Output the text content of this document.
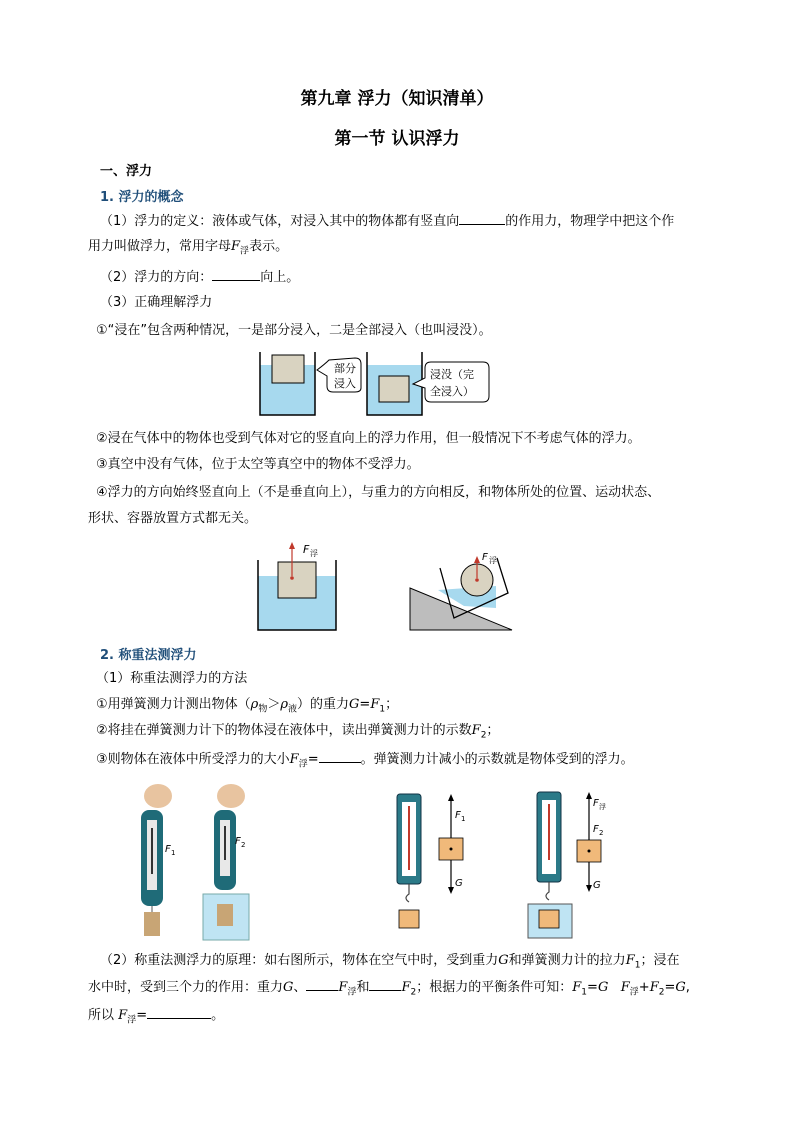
第九章 浮力（知识清单）
第一节 认识浮力
一、浮力
1. 浮力的概念
（1）浮力的定义：液体或气体，对浸入其中的物体都有竖直向	的作用力，物理学中把这个作
用力叫做浮力，常用字母$F_浮$表示。
（2）浮力的方向：	向上。
（3）正确理解浮力
①“浸在”包含两种情况，一是部分浸入，二是全部浸入（也叫浸没）。
部分
浸入
浸没（完
全浸入）
②浸在气体中的物体也受到气体对它的竖直向上的浮力作用，但一般情况下不考虑气体的浮力。
③真空中没有气体，位于太空等真空中的物体不受浮力。
④浮力的方向始终竖直向上（不是垂直向上），与重力的方向相反，和物体所处的位置、运动状态、
形状、容器放置方式都无关。
F 浮	F 浮
2. 称重法测浮力
（1）称重法测浮力的方法
①用弹簧测力计测出物体$(\rho_物>\rho_液)$的重力$G=F_1$；
②将挂在弹簧测力计下的物体浸在液体中，读出弹簧测力计的示数$F_2$；
③则物体在液体中所受浮力的大小$F_浮=$	。弹簧测力计减小的示数就是物体受到的浮力。
F 1
F 2
F 1
G
F 浮
F 2
G
（2）称重法测浮力的原理：如右图所示，物体在空气中时，受到重力G和弹簧测力计的拉力$F_1$；浸在
水中时，受到三个力的作用：重力G、 $F_浮$和 $F_2$；根据力的平衡条件可知：$F_1=G$ $F_浮+F_2=G$,
所以 $F_浮=$	。
